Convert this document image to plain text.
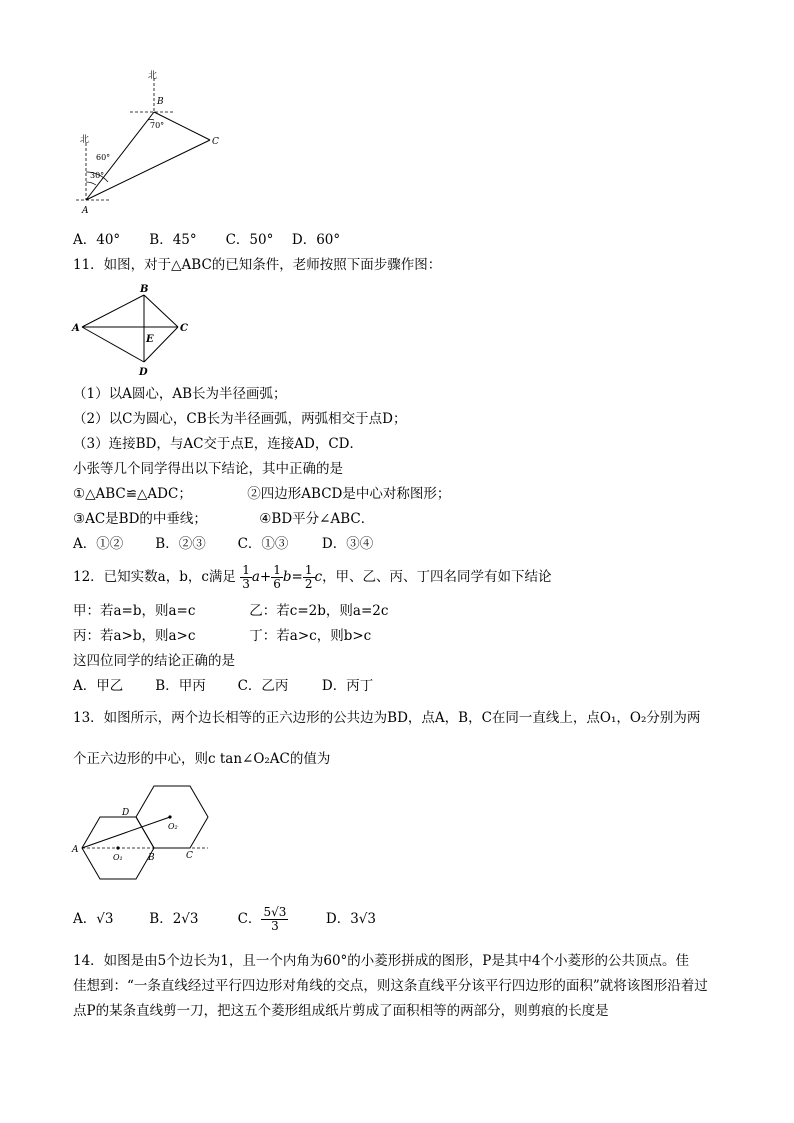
北
北
B
C
A
70°
60°
30°
A．40° B．45° C．50° D．60°
11．如图，对于△ABC的已知条件，老师按照下面步骤作图：
B
A	C
E
D
（1）以A圆心，AB长为半径画弧；
（2）以C为圆心，CB长为半径画弧，两弧相交于点D；
（3）连接BD，与AC交于点E，连接AD，CD．
小张等几个同学得出以下结论，其中正确的是
①△ABC≌△ADC；	②四边形ABCD是中心对称图形；
③AC是BD的中垂线；	④BD平分∠ABC．
A．①② B．②③ C．①③ D．③④
12．已知实数a，b，c满足 $\frac{1}{3} a+ \frac{1}{6} b= \frac{1}{2}$ c，甲、乙、丙、丁四名同学有如下结论
甲：若a=b，则a=c	乙：若c=2b，则a=2c
丙：若a>b，则a>c	丁：若a>c，则b>c
这四位同学的结论正确的是
A．甲乙 B．甲丙 C．乙丙 D．丙丁
13．如图所示，两个边长相等的正六边形的公共边为BD，点A，B，C在同一直线上，点O₁，O₂分别为两
个正六边形的中心，则c tan∠O₂AC的值为
D
A
B	C
O₁
O₂
A．√3	B．2√3	C． $\frac{5√3}{3}$	D．3√3
14．如图是由5个边长为1，且一个内角为60°的小菱形拼成的图形，P是其中4个小菱形的公共顶点。佳
佳想到：“一条直线经过平行四边形对角线的交点，则这条直线平分该平行四边形的面积”就将该图形沿着过
点P的某条直线剪一刀，把这五个菱形组成纸片剪成了面积相等的两部分，则剪痕的长度是
